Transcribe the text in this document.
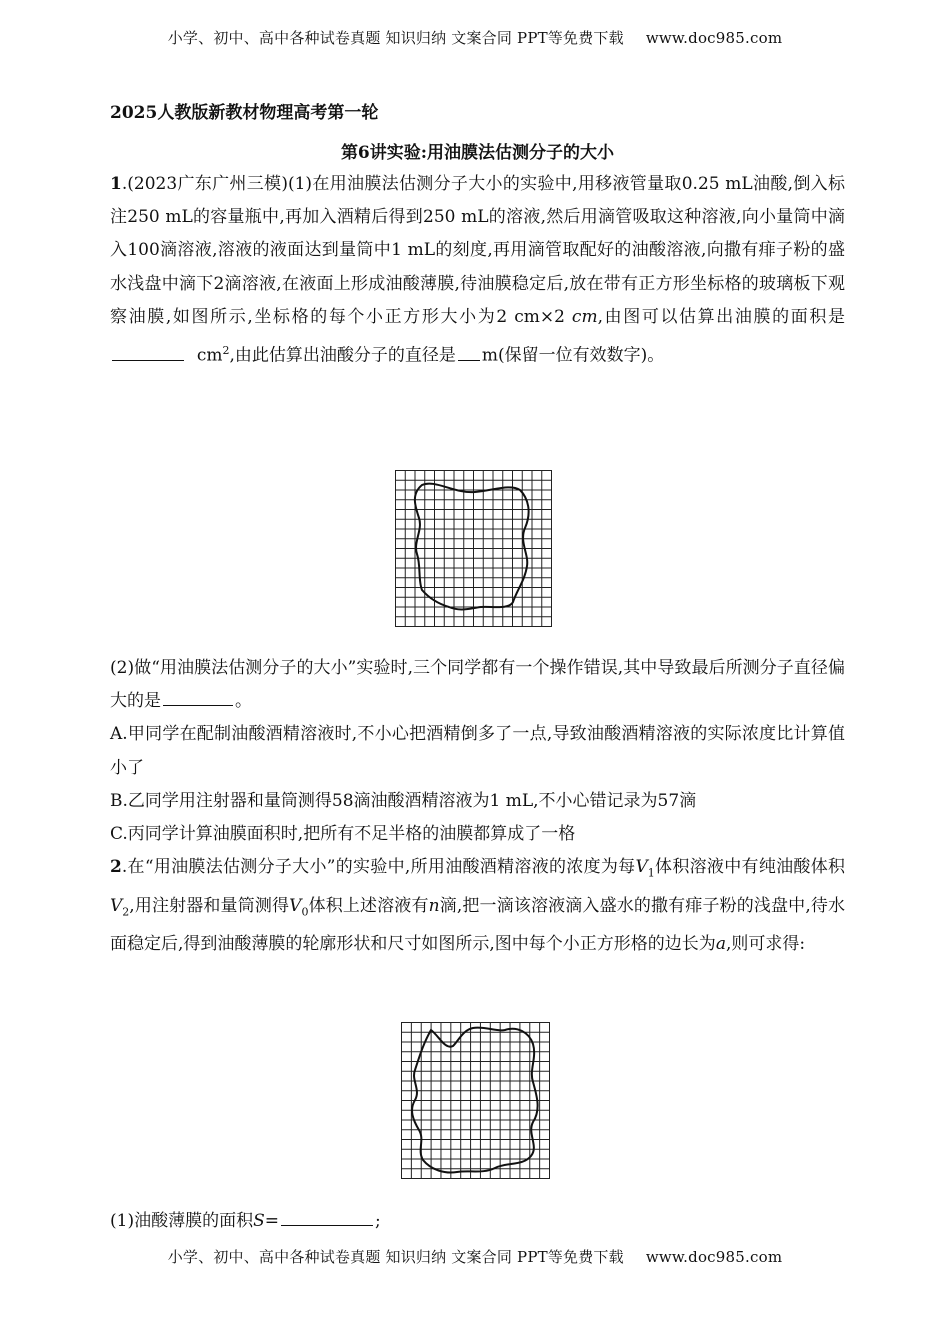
小学、初中、高中各种试卷真题 知识归纳 文案合同 PPT等免费下载 www.doc985.com

2025人教版新教材物理高考第一轮

第6讲实验:用油膜法估测分子的大小

1.(2023广东广州三模)(1)在用油膜法估测分子大小的实验中,用移液管量取0.25 mL油酸,倒入标注250 mL的容量瓶中,再加入酒精后得到250 mL的溶液,然后用滴管吸取这种溶液,向小量筒中滴入100滴溶液,溶液的液面达到量筒中1 mL的刻度,再用滴管取配好的油酸溶液,向撒有痱子粉的盛水浅盘中滴下2滴溶液,在液面上形成油酸薄膜,待油膜稳定后,放在带有正方形坐标格的玻璃板下观察油膜,如图所示,坐标格的每个小正方形大小为2 cm×2 cm,由图可以估算出油膜的面积是  $cm^2$,由此估算出油酸分子的直径是 m(保留一位有效数字)。

(2)做“用油膜法估测分子的大小”实验时,三个同学都有一个操作错误,其中导致最后所测分子直径偏大的是	。

A.甲同学在配制油酸酒精溶液时,不小心把酒精倒多了一点,导致油酸酒精溶液的实际浓度比计算值小了

B.乙同学用注射器和量筒测得58滴油酸酒精溶液为1 mL,不小心错记录为57滴

C.丙同学计算油膜面积时,把所有不足半格的油膜都算成了一格

2.在“用油膜法估测分子大小”的实验中,所用油酸酒精溶液的浓度为每$V_1$体积溶液中有纯油酸体积$V_2$,用注射器和量筒测得$V_0$体积上述溶液有n滴,把一滴该溶液滴入盛水的撒有痱子粉的浅盘中,待水面稳定后,得到油酸薄膜的轮廓形状和尺寸如图所示,图中每个小正方形格的边长为a,则可求得:

(1)油酸薄膜的面积S=	;

小学、初中、高中各种试卷真题 知识归纳 文案合同 PPT等免费下载 www.doc985.com
